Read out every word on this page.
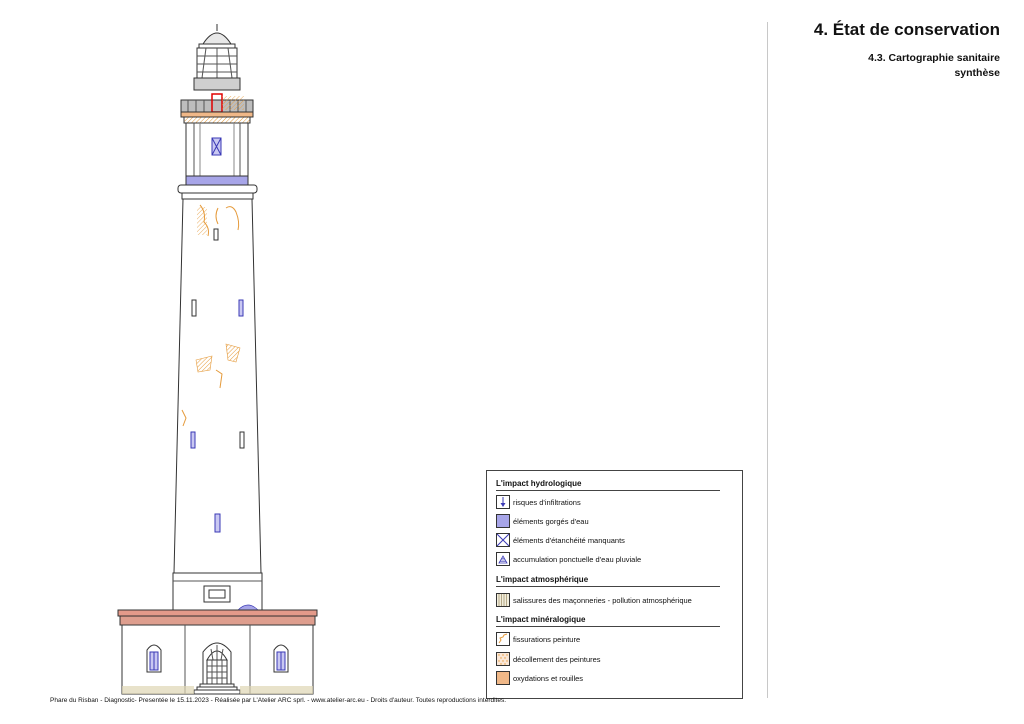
4. État de conservation
4.3. Cartographie sanitaire
synthèse
L'impact hydrologique
risques d'infiltrations
éléments gorgés d'eau
éléments d'étanchéité manquants
accumulation ponctuelle d'eau pluviale
L'impact atmosphérique
salissures des maçonneries - pollution atmosphérique
L'impact minéralogique
fissurations peinture
décollement des peintures
oxydations et rouilles
Phare du Risban - Diagnostic- Presentée le 15.11.2023 - Réalisée par L'Atelier ARC sprl. - www.atelier-arc.eu - Droits d'auteur. Toutes reproductions interdites.
